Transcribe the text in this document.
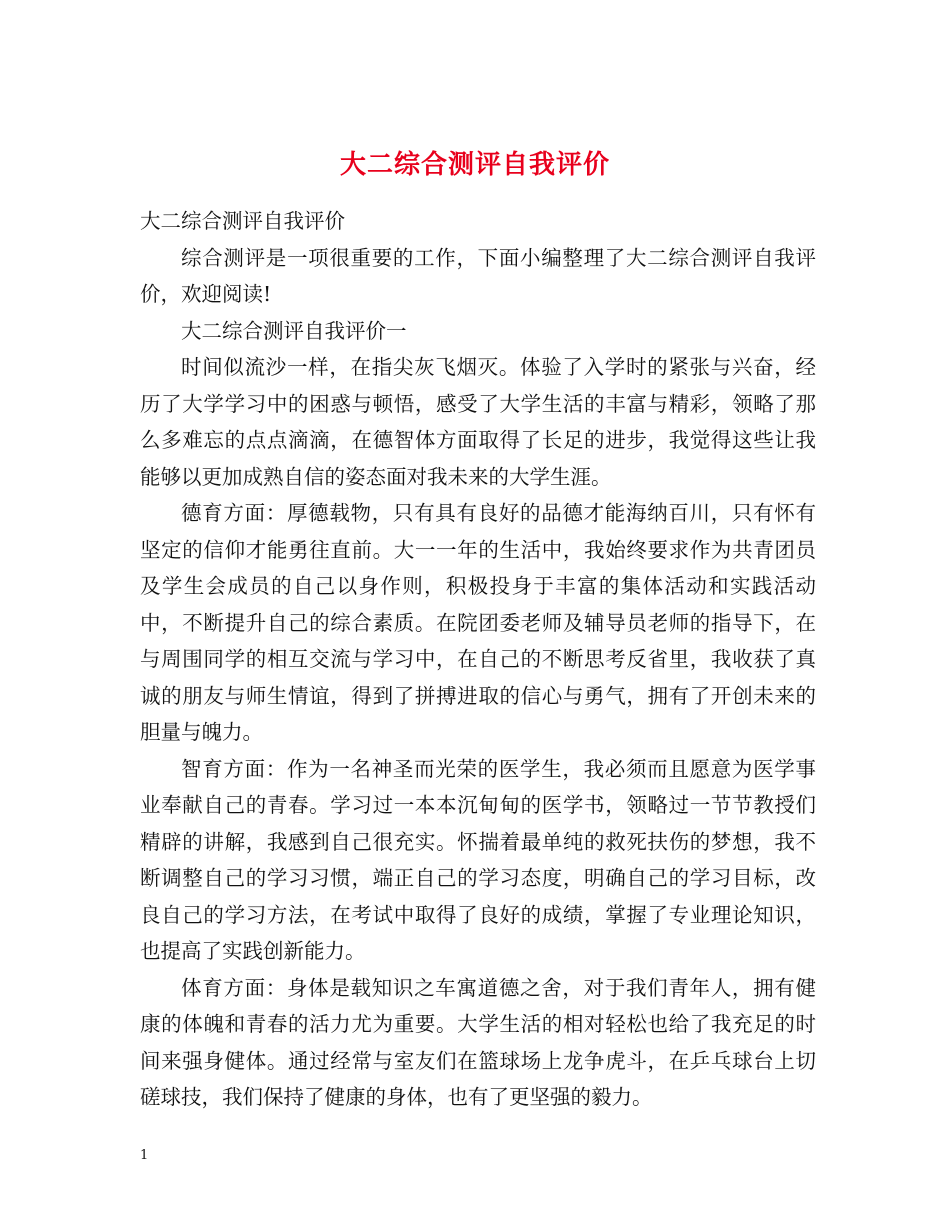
大二综合测评自我评价

大二综合测评自我评价

综合测评是一项很重要的工作，下面小编整理了大二综合测评自我评价，欢迎阅读!

大二综合测评自我评价一

时间似流沙一样，在指尖灰飞烟灭。体验了入学时的紧张与兴奋，经历了大学学习中的困惑与顿悟，感受了大学生活的丰富与精彩，领略了那么多难忘的点点滴滴，在德智体方面取得了长足的进步，我觉得这些让我能够以更加成熟自信的姿态面对我未来的大学生涯。

德育方面：厚德载物，只有具有良好的品德才能海纳百川，只有怀有坚定的信仰才能勇往直前。大一一年的生活中，我始终要求作为共青团员及学生会成员的自己以身作则，积极投身于丰富的集体活动和实践活动中，不断提升自己的综合素质。在院团委老师及辅导员老师的指导下，在与周围同学的相互交流与学习中，在自己的不断思考反省里，我收获了真诚的朋友与师生情谊，得到了拼搏进取的信心与勇气，拥有了开创未来的胆量与魄力。

智育方面：作为一名神圣而光荣的医学生，我必须而且愿意为医学事业奉献自己的青春。学习过一本本沉甸甸的医学书，领略过一节节教授们精辟的讲解，我感到自己很充实。怀揣着最单纯的救死扶伤的梦想，我不断调整自己的学习习惯，端正自己的学习态度，明确自己的学习目标，改良自己的学习方法，在考试中取得了良好的成绩，掌握了专业理论知识，也提高了实践创新能力。

体育方面：身体是载知识之车寓道德之舍，对于我们青年人，拥有健康的体魄和青春的活力尤为重要。大学生活的相对轻松也给了我充足的时间来强身健体。通过经常与室友们在篮球场上龙争虎斗，在乒乓球台上切磋球技，我们保持了健康的身体，也有了更坚强的毅力。

1
